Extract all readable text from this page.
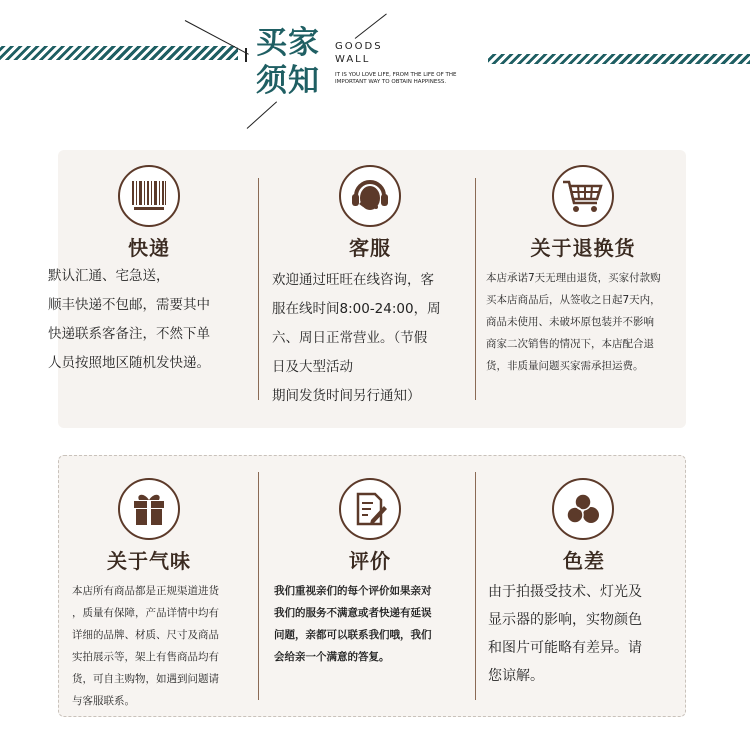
买家
须知
GOODS
WALL
IT IS YOU LOVE LIFE, FROM THE LIFE OF THE
IMPORTANT WAY TO OBTAIN HAPPINESS.
快递
默认汇通、宅急送，
顺丰快递不包邮，需要其中
快递联系客备注，不然下单
人员按照地区随机发快递。
客服
欢迎通过旺旺在线咨询，客
服在线时间8:00-24:00，周
六、周日正常营业。（节假
日及大型活动
期间发货时间另行通知）
关于退换货
本店承诺7天无理由退货，买家付款购
买本店商品后，从签收之日起7天内，
商品未使用、未破坏原包装并不影响
商家二次销售的情况下，本店配合退
货，非质量问题买家需承担运费。
关于气味
本店所有商品都是正规渠道进货
，质量有保障，产品详情中均有
详细的品牌、材质、尺寸及商品
实拍展示等，架上有售商品均有
货，可自主购物，如遇到问题请
与客服联系。
评价
我们重视亲们的每个评价如果亲对
我们的服务不满意或者快递有延误
问题，亲都可以联系我们哦，我们
会给亲一个满意的答复。
色差
由于拍摄受技术、灯光及
显示器的影响，实物颜色
和图片可能略有差异。请
您谅解。
